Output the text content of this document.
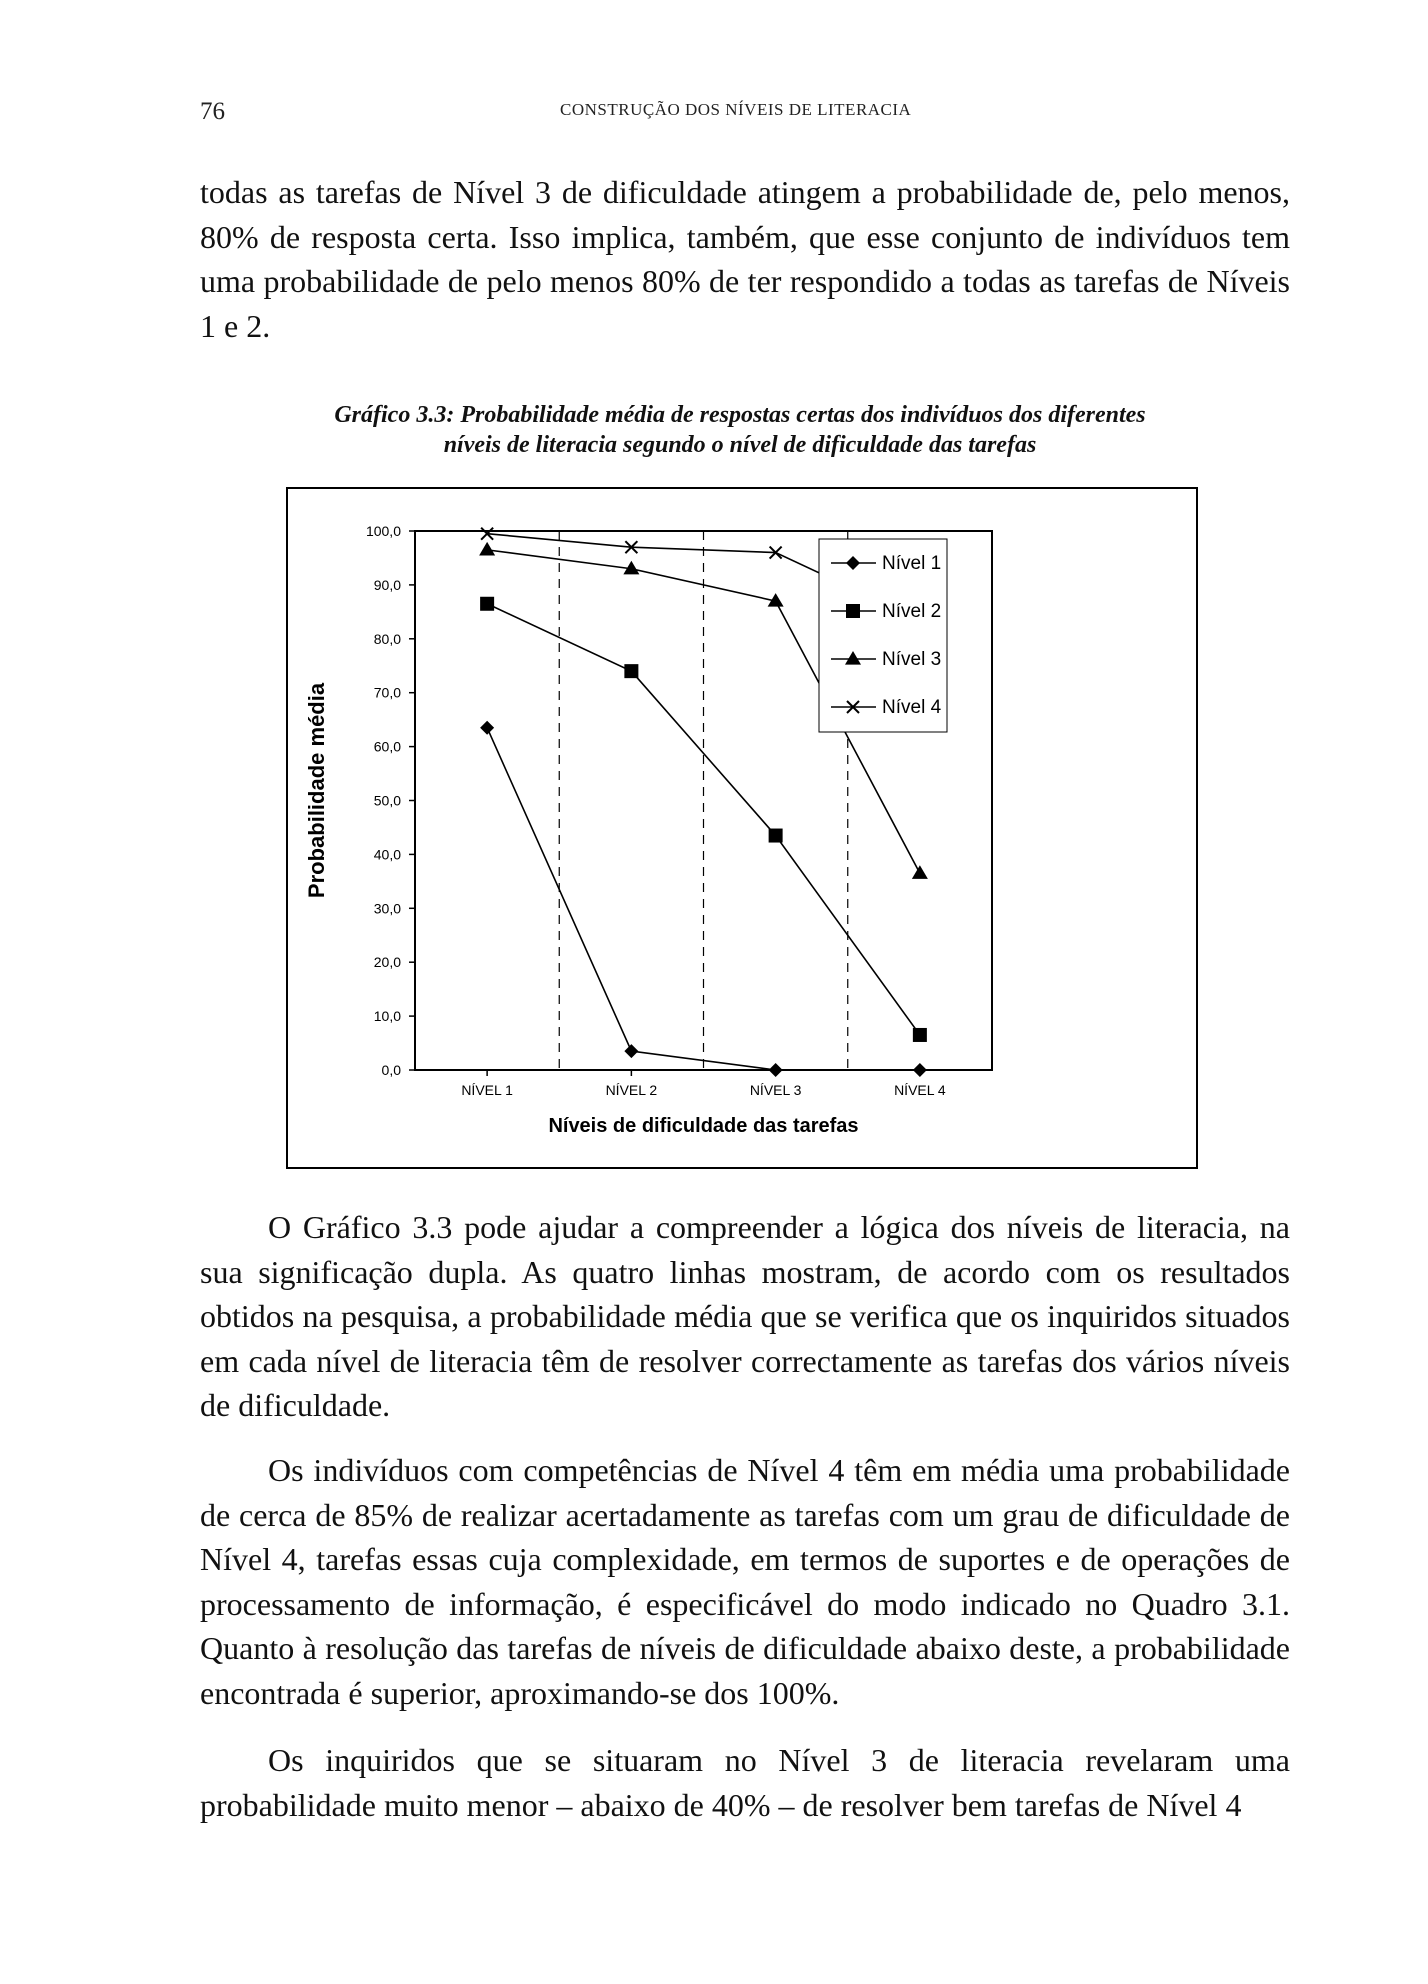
76	CONSTRUÇÃO DOS NÍVEIS DE LITERACIA

todas as tarefas de Nível 3 de dificuldade atingem a probabilidade de, pelo menos, 80% de resposta certa. Isso implica, também, que esse conjunto de indivíduos tem uma probabilidade de pelo menos 80% de ter respondido a todas as tarefas de Níveis 1 e 2.

Gráfico 3.3: Probabilidade média de respostas certas dos indivíduos dos diferentes
níveis de literacia segundo o nível de dificuldade das tarefas
0,0
10,0
20,0
30,0
40,0
50,0
60,0
70,0
80,0
90,0
100,0
NÍVEL 1	NÍVEL 2	NÍVEL 3	NÍVEL 4
Níveis de dificuldade das tarefas
Probabilidade média
Nível 1
Nível 2
Nível 3
Nível 4

O Gráfico 3.3 pode ajudar a compreender a lógica dos níveis de literacia, na sua significação dupla. As quatro linhas mostram, de acordo com os resultados obtidos na pesquisa, a probabilidade média que se verifica que os inquiridos situados em cada nível de literacia têm de resolver correctamente as tarefas dos vários níveis de dificuldade.

Os indivíduos com competências de Nível 4 têm em média uma probabilidade de cerca de 85% de realizar acertadamente as tarefas com um grau de dificuldade de Nível 4, tarefas essas cuja complexidade, em termos de suportes e de operações de processamento de informação, é especificável do modo indicado no Quadro 3.1. Quanto à resolução das tarefas de níveis de dificuldade abaixo deste, a probabilidade encontrada é superior, aproximando-se dos 100%.

Os inquiridos que se situaram no Nível 3 de literacia revelaram uma probabilidade muito menor – abaixo de 40% – de resolver bem tarefas de Nível 4
